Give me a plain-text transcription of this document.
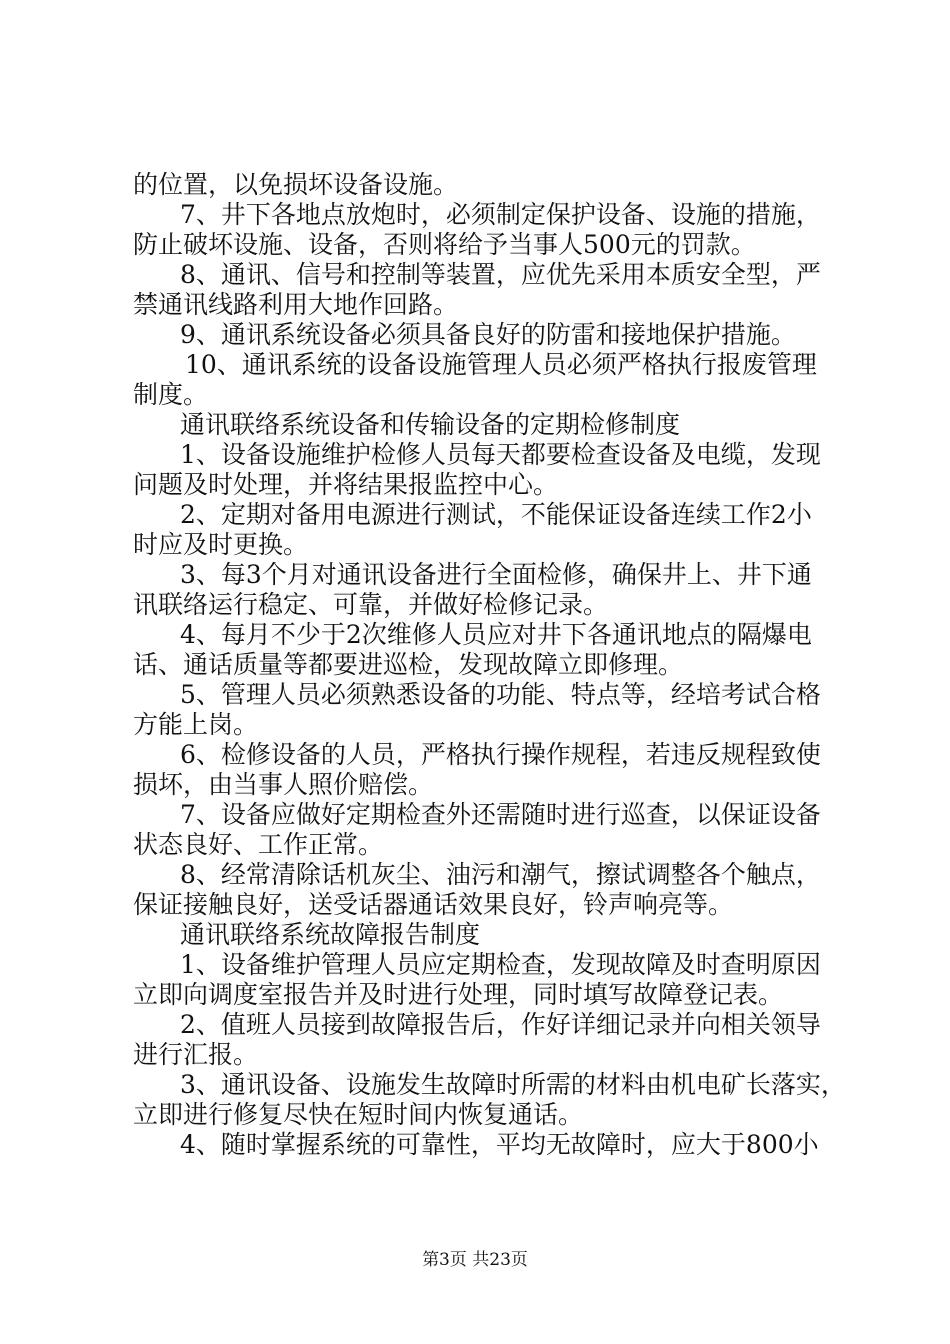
的位置，以免损坏设备设施。

7、井下各地点放炮时，必须制定保护设备、设施的措施，

防止破坏设施、设备，否则将给予当事人500元的罚款。

8、通讯、信号和控制等装置，应优先采用本质安全型，严

禁通讯线路利用大地作回路。

9、通讯系统设备必须具备良好的防雷和接地保护措施。

10、通讯系统的设备设施管理人员必须严格执行报废管理

制度。

通讯联络系统设备和传输设备的定期检修制度

1、设备设施维护检修人员每天都要检查设备及电缆，发现

问题及时处理，并将结果报监控中心。

2、定期对备用电源进行测试，不能保证设备连续工作2小

时应及时更换。

3、每3个月对通讯设备进行全面检修，确保井上、井下通

讯联络运行稳定、可靠，并做好检修记录。

4、每月不少于2次维修人员应对井下各通讯地点的隔爆电

话、通话质量等都要进巡检，发现故障立即修理。

5、管理人员必须熟悉设备的功能、特点等，经培考试合格

方能上岗。

6、检修设备的人员，严格执行操作规程，若违反规程致使

损坏，由当事人照价赔偿。

7、设备应做好定期检查外还需随时进行巡查，以保证设备

状态良好、工作正常。

8、经常清除话机灰尘、油污和潮气，擦试调整各个触点，

保证接触良好，送受话器通话效果良好，铃声响亮等。

通讯联络系统故障报告制度

1、设备维护管理人员应定期检查，发现故障及时查明原因

立即向调度室报告并及时进行处理，同时填写故障登记表。

2、值班人员接到故障报告后，作好详细记录并向相关领导

进行汇报。

3、通讯设备、设施发生故障时所需的材料由机电矿长落实，

立即进行修复尽快在短时间内恢复通话。

4、随时掌握系统的可靠性，平均无故障时，应大于800小

第3页 共23页
